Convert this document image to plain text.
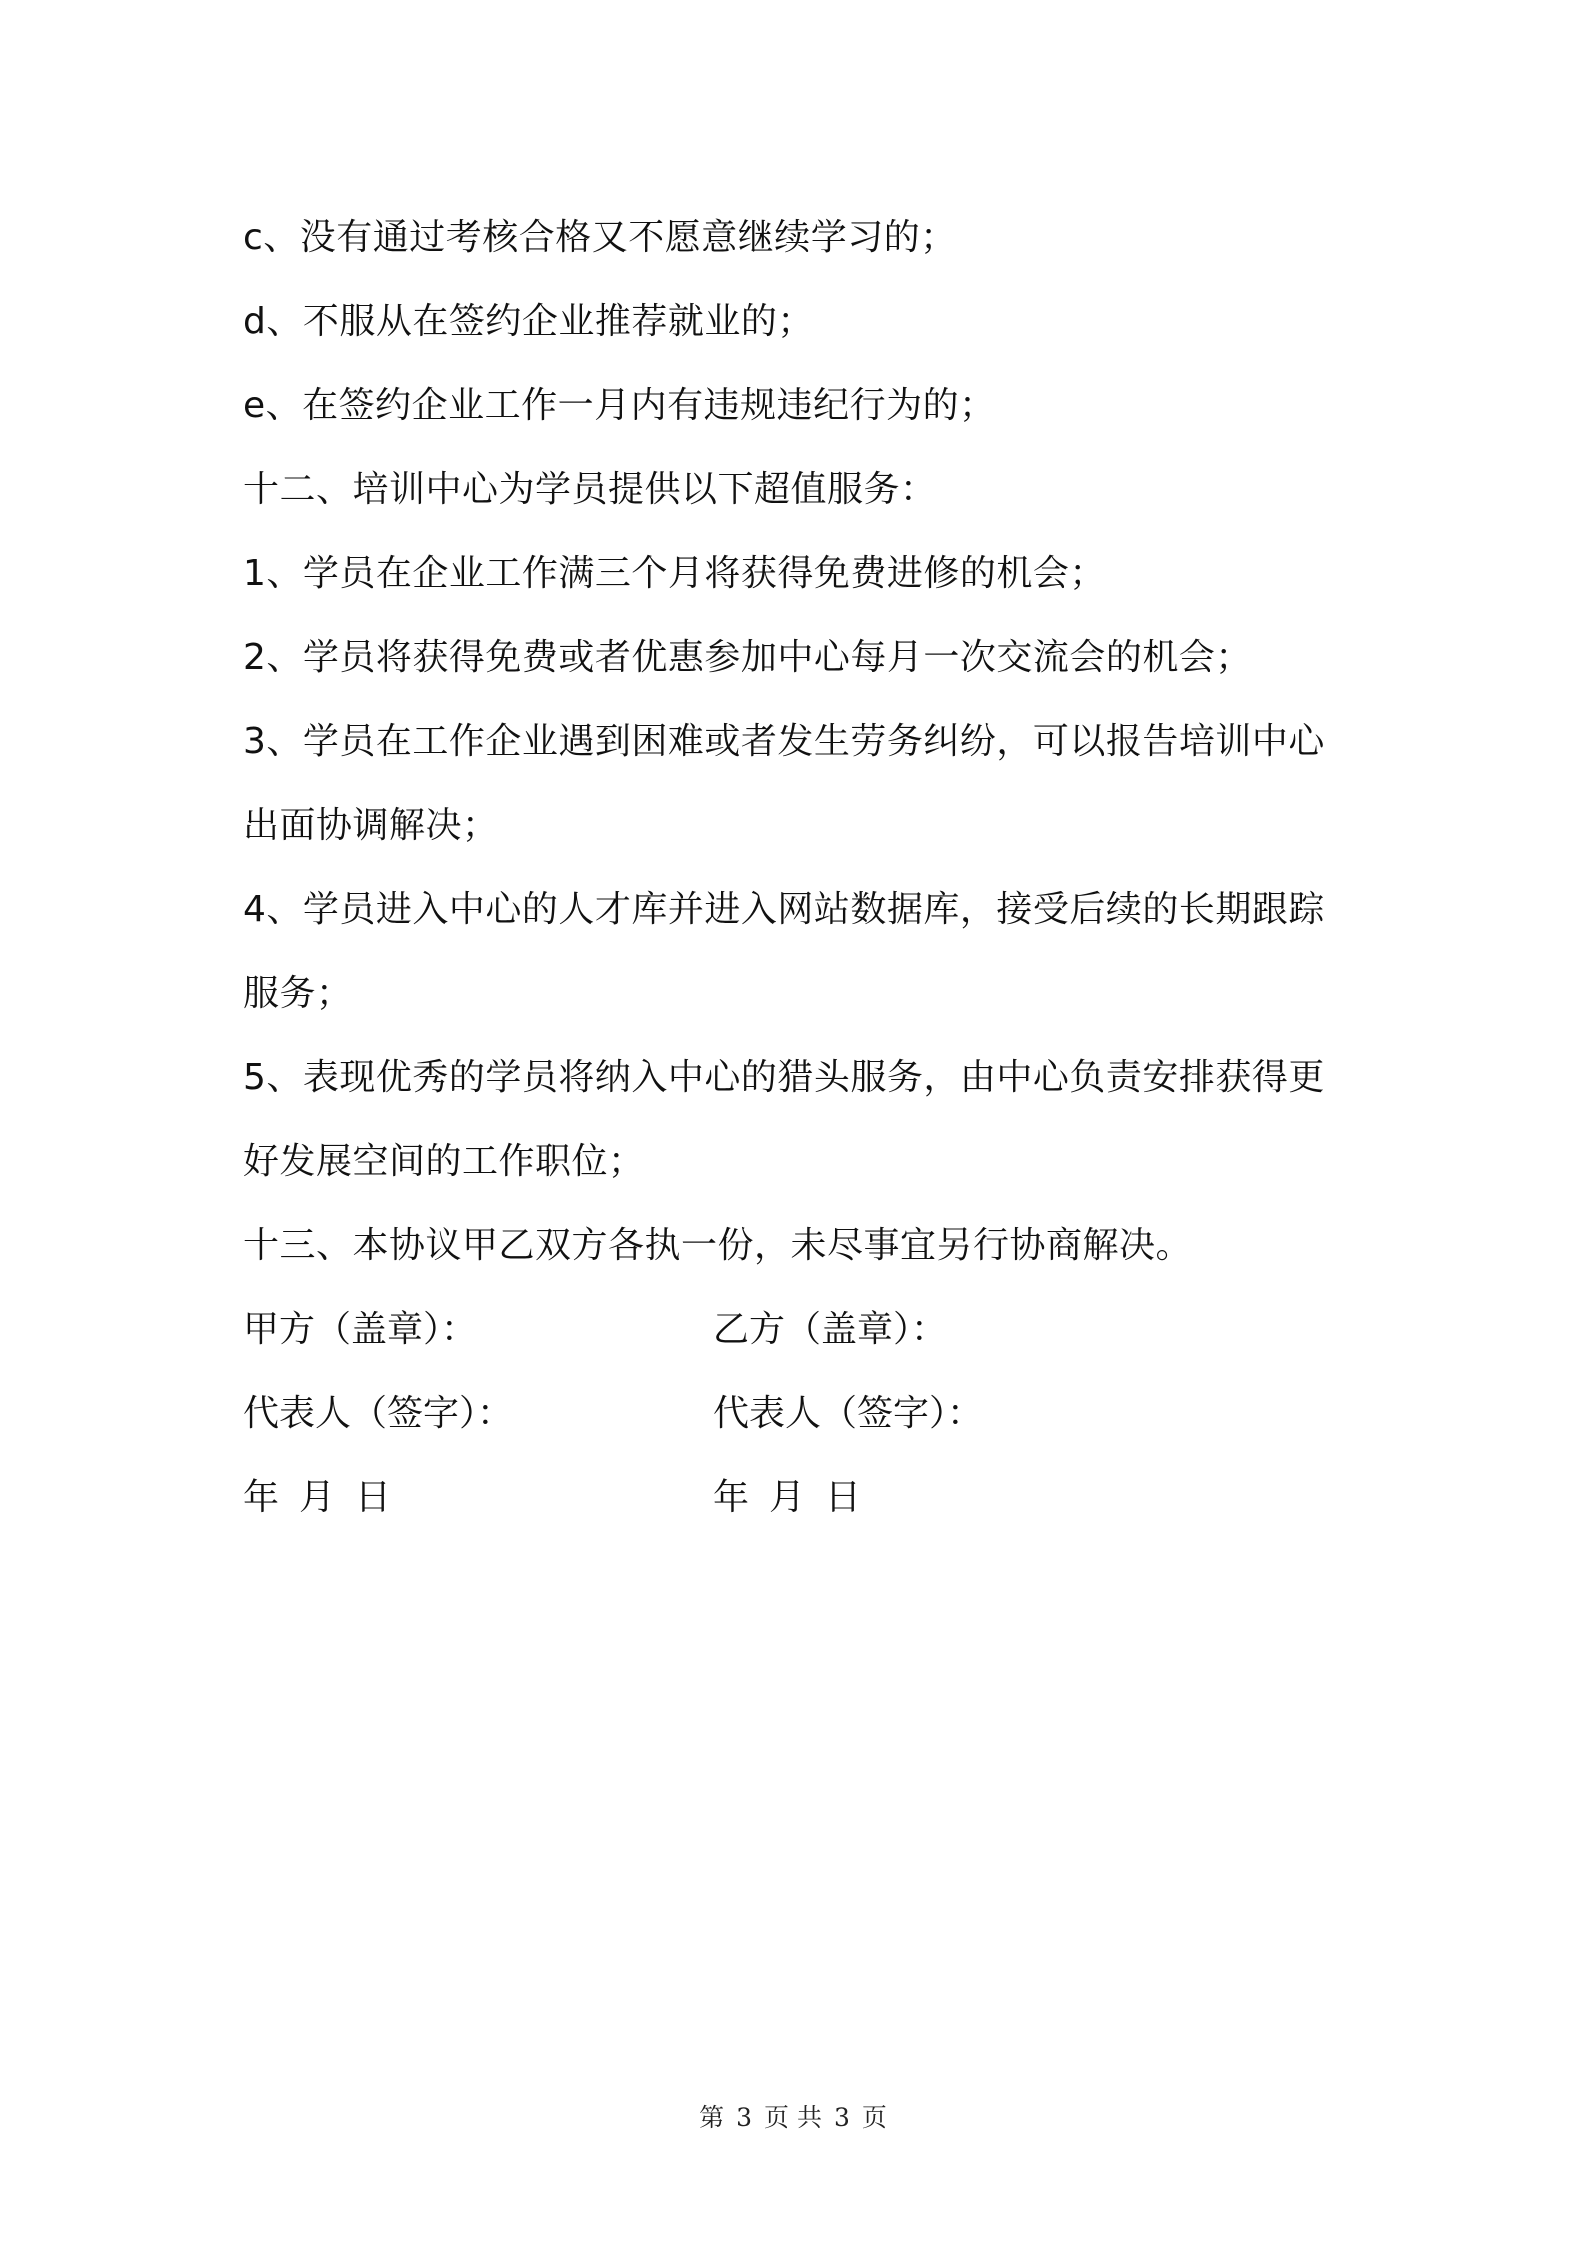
c、没有通过考核合格又不愿意继续学习的；

d、不服从在签约企业推荐就业的；

e、在签约企业工作一月内有违规违纪行为的；

十二、培训中心为学员提供以下超值服务：

1、学员在企业工作满三个月将获得免费进修的机会；

2、学员将获得免费或者优惠参加中心每月一次交流会的机会；

3、学员在工作企业遇到困难或者发生劳务纠纷，可以报告培训中心

出面协调解决；

4、学员进入中心的人才库并进入网站数据库，接受后续的长期跟踪

服务；

5、表现优秀的学员将纳入中心的猎头服务，由中心负责安排获得更

好发展空间的工作职位；

十三、本协议甲乙双方各执一份，未尽事宜另行协商解决。

甲方（盖章）：	乙方（盖章）：
代表人（签字）：	代表人（签字）：
年 月 日	年 月 日
第 3 页 共 3 页
